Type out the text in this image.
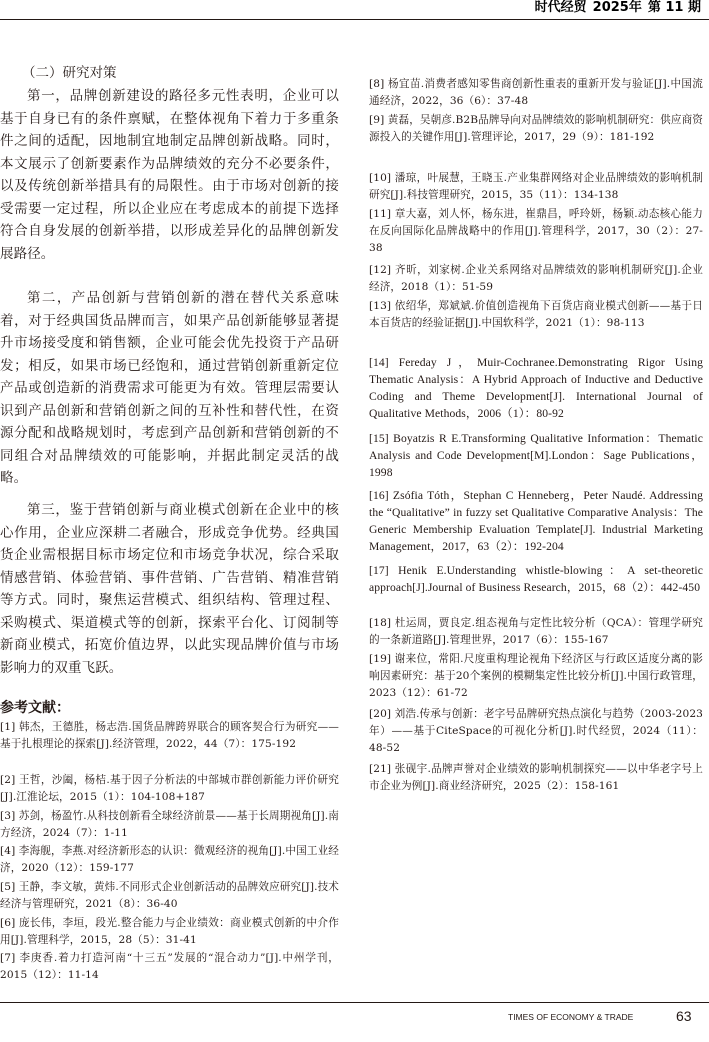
时代经贸 2025年 第 11 期
（二）研究对策

第一，品牌创新建设的路径多元性表明，企业可以基于自身已有的条件禀赋，在整体视角下着力于多重条件之间的适配，因地制宜地制定品牌创新战略。同时，本文展示了创新要素作为品牌绩效的充分不必要条件，以及传统创新举措具有的局限性。由于市场对创新的接受需要一定过程，所以企业应在考虑成本的前提下选择符合自身发展的创新举措，以形成差异化的品牌创新发展路径。

第二，产品创新与营销创新的潜在替代关系意味着，对于经典国货品牌而言，如果产品创新能够显著提升市场接受度和销售额，企业可能会优先投资于产品研发；相反，如果市场已经饱和，通过营销创新重新定位产品或创造新的消费需求可能更为有效。管理层需要认识到产品创新和营销创新之间的互补性和替代性，在资源分配和战略规划时，考虑到产品创新和营销创新的不同组合对品牌绩效的可能影响，并据此制定灵活的战略。

第三，鉴于营销创新与商业模式创新在企业中的核心作用，企业应深耕二者融合，形成竞争优势。经典国货企业需根据目标市场定位和市场竞争状况，综合采取情感营销、体验营销、事件营销、广告营销、精准营销等方式。同时，聚焦运营模式、组织结构、管理过程、采购模式、渠道模式等的创新，探索平台化、订阅制等新商业模式，拓宽价值边界，以此实现品牌价值与市场影响力的双重飞跃。

参考文献：

[1] 韩杰，王德胜，杨志浩.国货品牌跨界联合的顾客契合行为研究——基于扎根理论的探索[J].经济管理，2022，44（7）：175-192

[2] 王哲，沙阖，杨桔.基于因子分析法的中部城市群创新能力评价研究[J].江淮论坛，2015（1）：104-108+187

[3] 苏剑，杨盈竹.从科技创新看全球经济前景——基于长周期视角[J].南方经济，2024（7）：1-11

[4] 李海舰，李燕.对经济新形态的认识：微观经济的视角[J].中国工业经济，2020（12）：159-177

[5] 王静，李文敏，黄炜.不同形式企业创新活动的品牌效应研究[J].技术经济与管理研究，2021（8）：36-40

[6] 庞长伟，李垣，段光.整合能力与企业绩效：商业模式创新的中介作用[J].管理科学，2015，28（5）：31-41

[7] 李庚香.着力打造河南“十三五”发展的“混合动力”[J].中州学刊，2015（12）：11-14

[8] 杨宜苗.消费者感知零售商创新性重表的重新开发与验证[J].中国流通经济，2022，36（6）：37-48

[9] 黄磊，吴朝彦.B2B品牌导向对品牌绩效的影响机制研究：供应商资源投入的关键作用[J].管理评论，2017，29（9）：181-192

[10] 潘琼，叶展慧，王晓玉.产业集群网络对企业品牌绩效的影响机制研究[J].科技管理研究，2015，35（11）：134-138

[11] 章大嘉，刘人怀，杨东进，崔鼎昌，呼玲妍，杨颖.动态核心能力在反向国际化品牌战略中的作用[J].管理科学，2017，30（2）：27-38

[12] 齐昕，刘家树.企业关系网络对品牌绩效的影响机制研究[J].企业经济，2018（1）：51-59

[13] 依绍华，郑斌斌.价值创造视角下百货店商业模式创新——基于日本百货店的经验证据[J].中国软科学，2021（1）：98-113

[14] Fereday J，Muir-Cochranee.Demonstrating Rigor Using Thematic Analysis：A Hybrid Approach of Inductive and Deductive Coding and Theme Development[J]. International Journal of Qualitative Methods，2006（1）：80-92

[15] Boyatzis R E.Transforming Qualitative Information：Thematic Analysis and Code Development[M].London：Sage Publications，1998

[16] Zsófia Tóth，Stephan C Henneberg，Peter Naudé. Addressing the “Qualitative” in fuzzy set Qualitative Comparative Analysis：The Generic Membership Evaluation Template[J]. Industrial Marketing Management，2017，63（2）：192-204

[17] Henik E.Understanding whistle-blowing：A set-theoretic approach[J].Journal of Business Research，2015，68（2）：442-450

[18] 杜运周，贾良定.组态视角与定性比较分析（QCA）：管理学研究的一条新道路[J].管理世界，2017（6）：155-167

[19] 谢来位，常阳.尺度重构理论视角下经济区与行政区适度分离的影响因素研究：基于20个案例的模糊集定性比较分析[J].中国行政管理，2023（12）：61-72

[20] 刘浩.传承与创新：老字号品牌研究热点演化与趋势（2003-2023年）——基于CiteSpace的可视化分析[J].时代经贸，2024（11）：48-52

[21] 张砚宇.品牌声誉对企业绩效的影响机制探究——以中华老字号上市企业为例[J].商业经济研究，2025（2）：158-161

TIMES OF ECONOMY & TRADE	63
